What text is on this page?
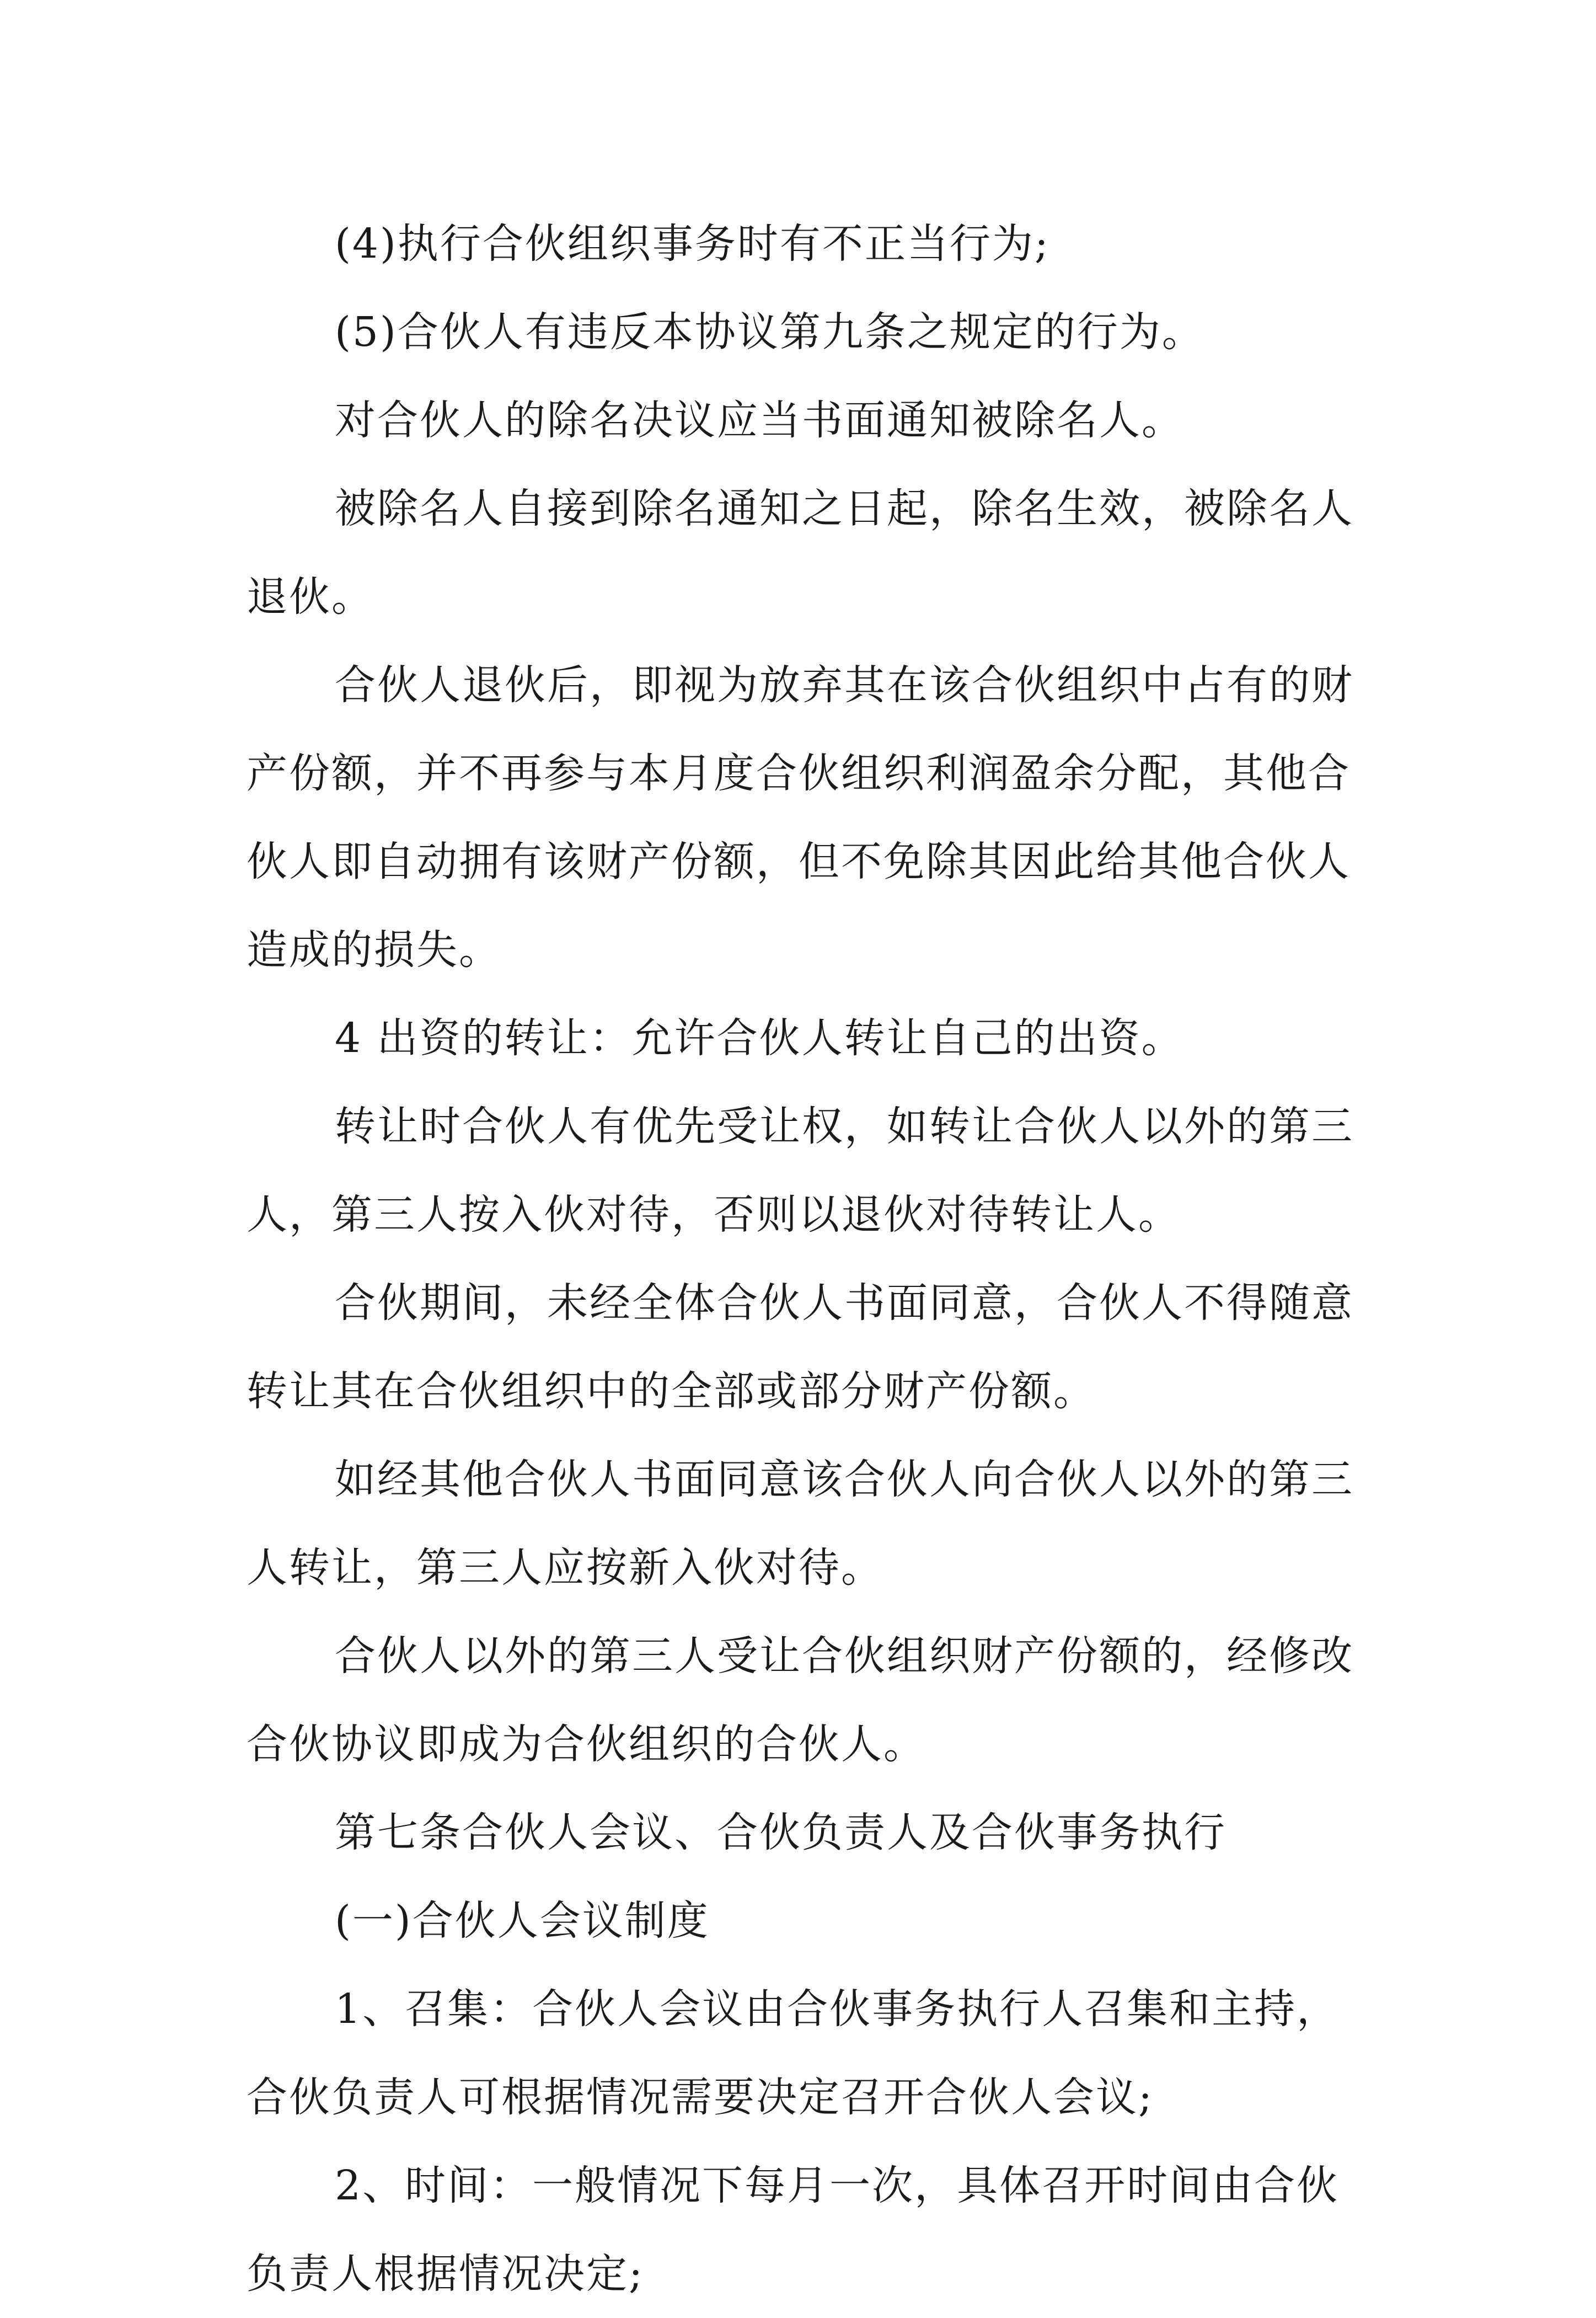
(4)执行合伙组织事务时有不正当行为;

(5)合伙人有违反本协议第九条之规定的行为。

对合伙人的除名决议应当书面通知被除名人。

被除名人自接到除名通知之日起，除名生效，被除名人退伙。

合伙人退伙后，即视为放弃其在该合伙组织中占有的财产份额，并不再参与本月度合伙组织利润盈余分配，其他合伙人即自动拥有该财产份额，但不免除其因此给其他合伙人造成的损失。

4 出资的转让：允许合伙人转让自己的出资。

转让时合伙人有优先受让权，如转让合伙人以外的第三人，第三人按入伙对待，否则以退伙对待转让人。

合伙期间，未经全体合伙人书面同意，合伙人不得随意转让其在合伙组织中的全部或部分财产份额。

如经其他合伙人书面同意该合伙人向合伙人以外的第三人转让，第三人应按新入伙对待。

合伙人以外的第三人受让合伙组织财产份额的，经修改合伙协议即成为合伙组织的合伙人。

第七条合伙人会议、合伙负责人及合伙事务执行

(一)合伙人会议制度

1、召集：合伙人会议由合伙事务执行人召集和主持，合伙负责人可根据情况需要决定召开合伙人会议;

2、时间：一般情况下每月一次，具体召开时间由合伙负责人根据情况决定;
